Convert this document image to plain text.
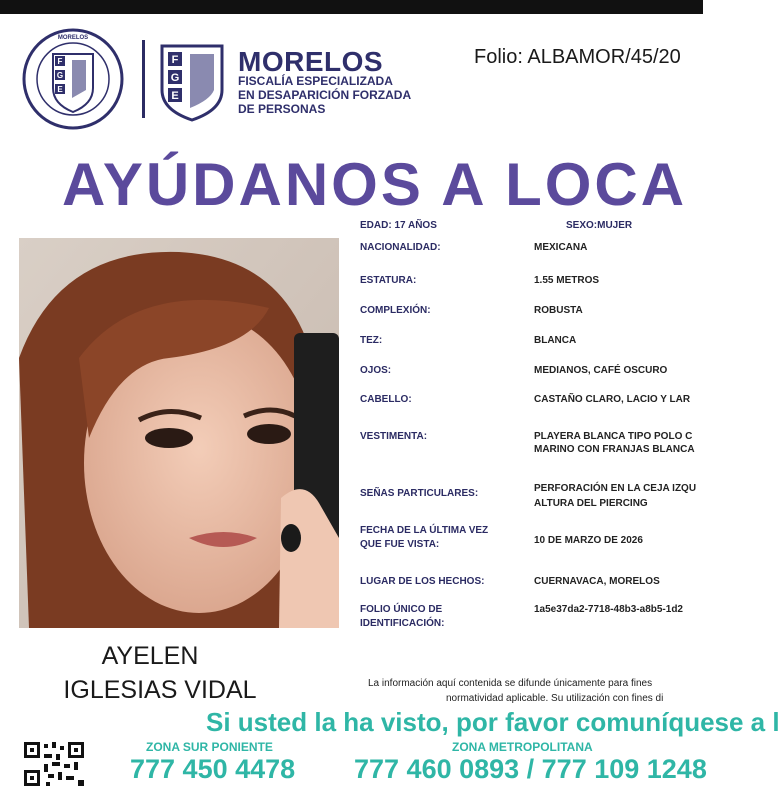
F
G
E
MORELOS
F
G
E
MORELOS
FISCALÍA ESPECIALIZADA
EN DESAPARICIÓN FORZADA
DE PERSONAS
Folio: ALBAMOR/45/20
AYÚDANOS A LOCA
AYELEN
IGLESIAS VIDAL
EDAD: 17 AÑOS	SEXO:MUJER
NACIONALIDAD:	MEXICANA
ESTATURA:	1.55 METROS
COMPLEXIÓN:	ROBUSTA
TEZ:	BLANCA
OJOS:	MEDIANOS, CAFÉ OSCURO
CABELLO:	CASTAÑO CLARO, LACIO Y LAR
VESTIMENTA:	PLAYERA BLANCA TIPO POLO C
MARINO CON FRANJAS BLANCA
SEÑAS PARTICULARES:	PERFORACIÓN EN LA CEJA IZQU
ALTURA DEL PIERCING
FECHA DE LA ÚLTIMA VEZ
QUE FUE VISTA:	10 DE MARZO DE 2026
LUGAR DE LOS HECHOS:	CUERNAVACA, MORELOS
FOLIO ÚNICO DE
IDENTIFICACIÓN:
1a5e37da2-7718-48b3-a8b5-1d2
La información aquí contenida se difunde únicamente para fines
normatividad aplicable. Su utilización con fines di
Si usted la ha visto, por favor comuníquese a l
ZONA SUR PONIENTE
777 450 4478
ZONA METROPOLITANA
777 460 0893 / 777 109 1248
